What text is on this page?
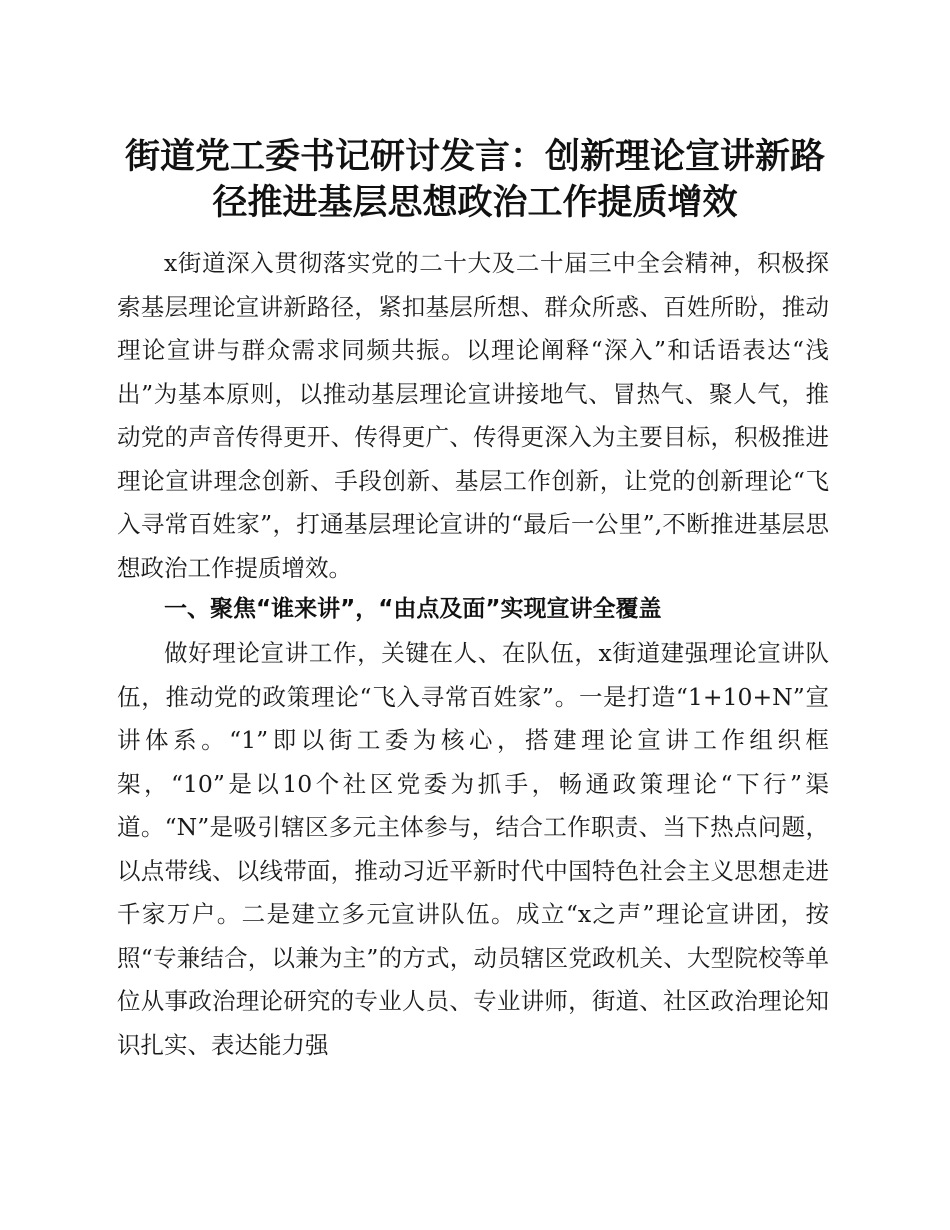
街道党工委书记研讨发言：创新理论宣讲新路径推进基层思想政治工作提质增效

x街道深入贯彻落实党的二十大及二十届三中全会精神，积极探索基层理论宣讲新路径，紧扣基层所想、群众所惑、百姓所盼，推动理论宣讲与群众需求同频共振。以理论阐释“深入”和话语表达“浅出”为基本原则，以推动基层理论宣讲接地气、冒热气、聚人气，推动党的声音传得更开、传得更广、传得更深入为主要目标，积极推进理论宣讲理念创新、手段创新、基层工作创新，让党的创新理论“飞入寻常百姓家”，打通基层理论宣讲的“最后一公里”,不断推进基层思想政治工作提质增效。

一、聚焦“谁来讲”，“由点及面”实现宣讲全覆盖

做好理论宣讲工作，关键在人、在队伍，x街道建强理论宣讲队伍，推动党的政策理论“飞入寻常百姓家”。一是打造“1+10+N”宣讲体系。“1”即以街工委为核心，搭建理论宣讲工作组织框架，“10”是以10个社区党委为抓手，畅通政策理论“下行”渠道。“N”是吸引辖区多元主体参与，结合工作职责、当下热点问题，以点带线、以线带面，推动习近平新时代中国特色社会主义思想走进千家万户。二是建立多元宣讲队伍。成立“x之声”理论宣讲团，按照“专兼结合，以兼为主”的方式，动员辖区党政机关、大型院校等单位从事政治理论研究的专业人员、专业讲师，街道、社区政治理论知识扎实、表达能力强
